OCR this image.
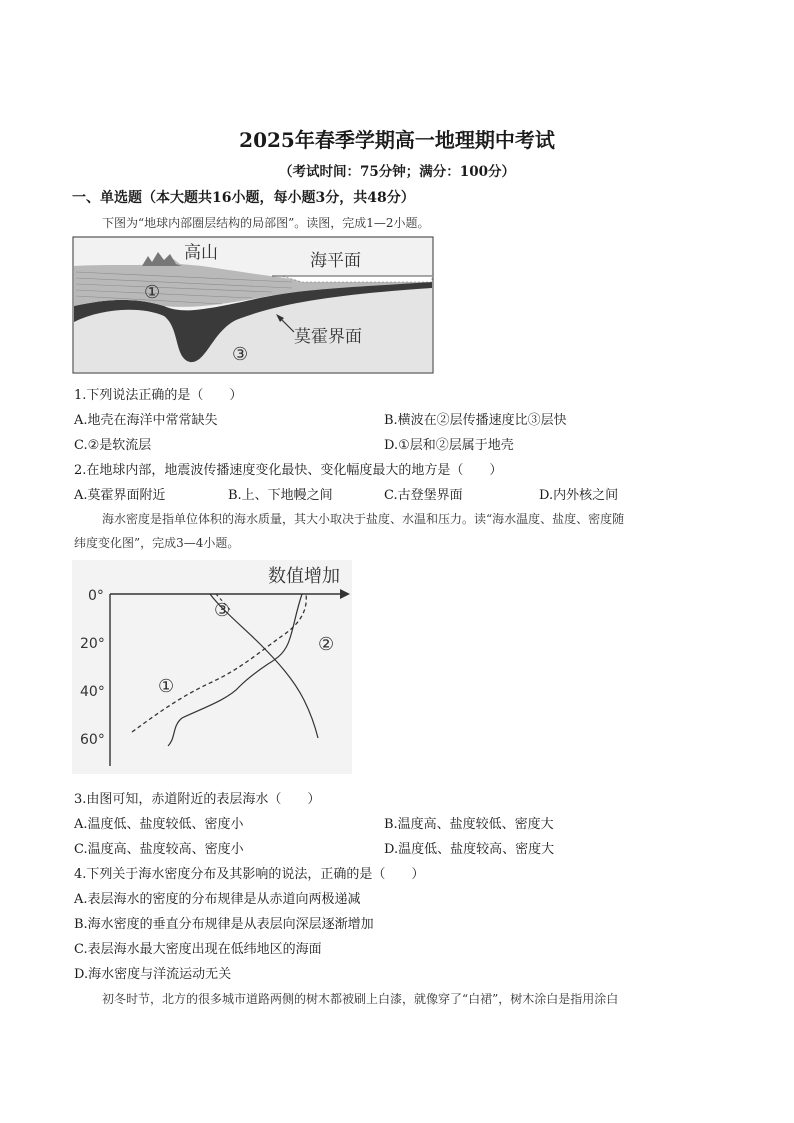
2025年春季学期高一地理期中考试
（考试时间：75分钟；满分：100分）
一、单选题（本大题共16小题，每小题3分，共48分）
下图为“地球内部圈层结构的局部图”。读图，完成1—2小题。
高山	海平面
莫霍界面
①
③
1.下列说法正确的是（　　）
A.地壳在海洋中常常缺失	B.横波在②层传播速度比③层快
C.②是软流层	D.①层和②层属于地壳
2.在地球内部，地震波传播速度变化最快、变化幅度最大的地方是（　　）
A.莫霍界面附近	B.上、下地幔之间	C.古登堡界面	D.内外核之间
海水密度是指单位体积的海水质量，其大小取决于盐度、水温和压力。读“海水温度、盐度、密度随
纬度变化图”，完成3—4小题。
数值增加
0°
20°
40°
60°
①
②
③
3.由图可知，赤道附近的表层海水（　　）
A.温度低、盐度较低、密度小	B.温度高、盐度较低、密度大
C.温度高、盐度较高、密度小	D.温度低、盐度较高、密度大
4.下列关于海水密度分布及其影响的说法，正确的是（　　）
A.表层海水的密度的分布规律是从赤道向两极递减
B.海水密度的垂直分布规律是从表层向深层逐渐增加
C.表层海水最大密度出现在低纬地区的海面
D.海水密度与洋流运动无关
初冬时节，北方的很多城市道路两侧的树木都被刷上白漆，就像穿了“白裙”，树木涂白是指用涂白
